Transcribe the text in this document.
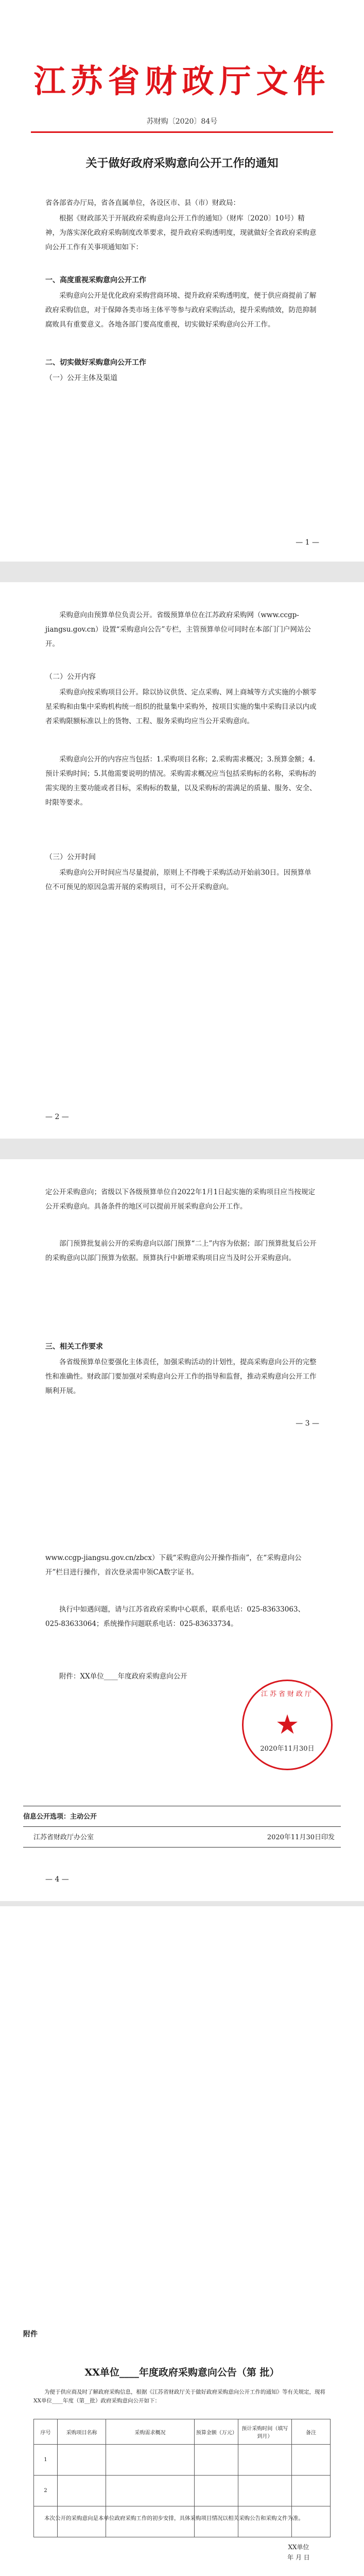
江苏省财政厅文件
苏财购〔2020〕84号
关于做好政府采购意向公开工作的通知
省各部省办厅局，省各直属单位，各设区市、县（市）财政局：
根据《财政部关于开展政府采购意向公开工作的通知》（财库〔2020〕10号）精神，为落实深化政府采购制度改革要求，提升政府采购透明度，现就做好全省政府采购意向公开工作有关事项通知如下：
一、高度重视采购意向公开工作
采购意向公开是优化政府采购营商环境、提升政府采购透明度，便于供应商提前了解政府采购信息，对于保障各类市场主体平等参与政府采购活动，提升采购绩效，防范抑制腐败具有重要意义。各地各部门要高度重视，切实做好采购意向公开工作。
二、切实做好采购意向公开工作
（一）公开主体及渠道
— 1 —
采购意向由预算单位负责公开。省级预算单位在江苏政府采购网（www.ccgp-jiangsu.gov.cn）设置“采购意向公告”专栏，主管预算单位可同时在本部门门户网站公开。
（二）公开内容
采购意向按采购项目公开。除以协议供货、定点采购、网上商城等方式实施的小额零星采购和由集中采购机构统一组织的批量集中采购外，按项目实施的集中采购目录以内或者采购限额标准以上的货物、工程、服务采购均应当公开采购意向。
采购意向公开的内容应当包括：1.采购项目名称；2.采购需求概况；3.预算金额；4.预计采购时间；5.其他需要说明的情况。采购需求概况应当包括采购标的名称，采购标的需实现的主要功能或者目标，采购标的数量，以及采购标的需满足的质量、服务、安全、时限等要求。
（三）公开时间
采购意向公开时间应当尽量提前，原则上不得晚于采购活动开始前30日。因预算单位不可预见的原因急需开展的采购项目，可不公开采购意向。
— 2 —
定公开采购意向；省级以下各级预算单位自2022年1月1日起实施的采购项目应当按规定公开采购意向。具备条件的地区可以提前开展采购意向公开工作。
部门预算批复前公开的采购意向以部门预算“二上”内容为依据；部门预算批复后公开的采购意向以部门预算为依据。预算执行中新增采购项目应当及时公开采购意向。
三、相关工作要求
各省级预算单位要强化主体责任，加强采购活动的计划性，提高采购意向公开的完整性和准确性。财政部门要加强对采购意向公开工作的指导和监督，推动采购意向公开工作顺利开展。
— 3 —
www.ccgp-jiangsu.gov.cn/zbcx）下载“采购意向公开操作指南”，在“采购意向公开”栏目进行操作，首次登录需申领CA数字证书。
执行中如遇问题，请与江苏省政府采购中心联系，联系电话：025-83633063、025-83633064；系统操作问题联系电话：025-83633734。
附件：XX单位____年度政府采购意向公开
江苏省财政厅
★
2020年11月30日
信息公开选项：主动公开
江苏省财政厅办公室	2020年11月30日印发
— 4 —
附件
XX单位____年度政府采购意向公告（第 批）
为便于供应商及时了解政府采购信息，根据《江苏省财政厅关于做好政府采购意向公开工作的通知》等有关规定，现将XX单位____年度（第__批）政府采购意向公开如下：
序号	采购项目名称	采购需求概况	预算金额（万元）	预计采购时间（填写到月）	备注
1					
2					

本次公开的采购意向是本单位政府采购工作的初步安排，具体采购项目情况以相关采购公告和采购文件为准。
XX单位
年 月 日
